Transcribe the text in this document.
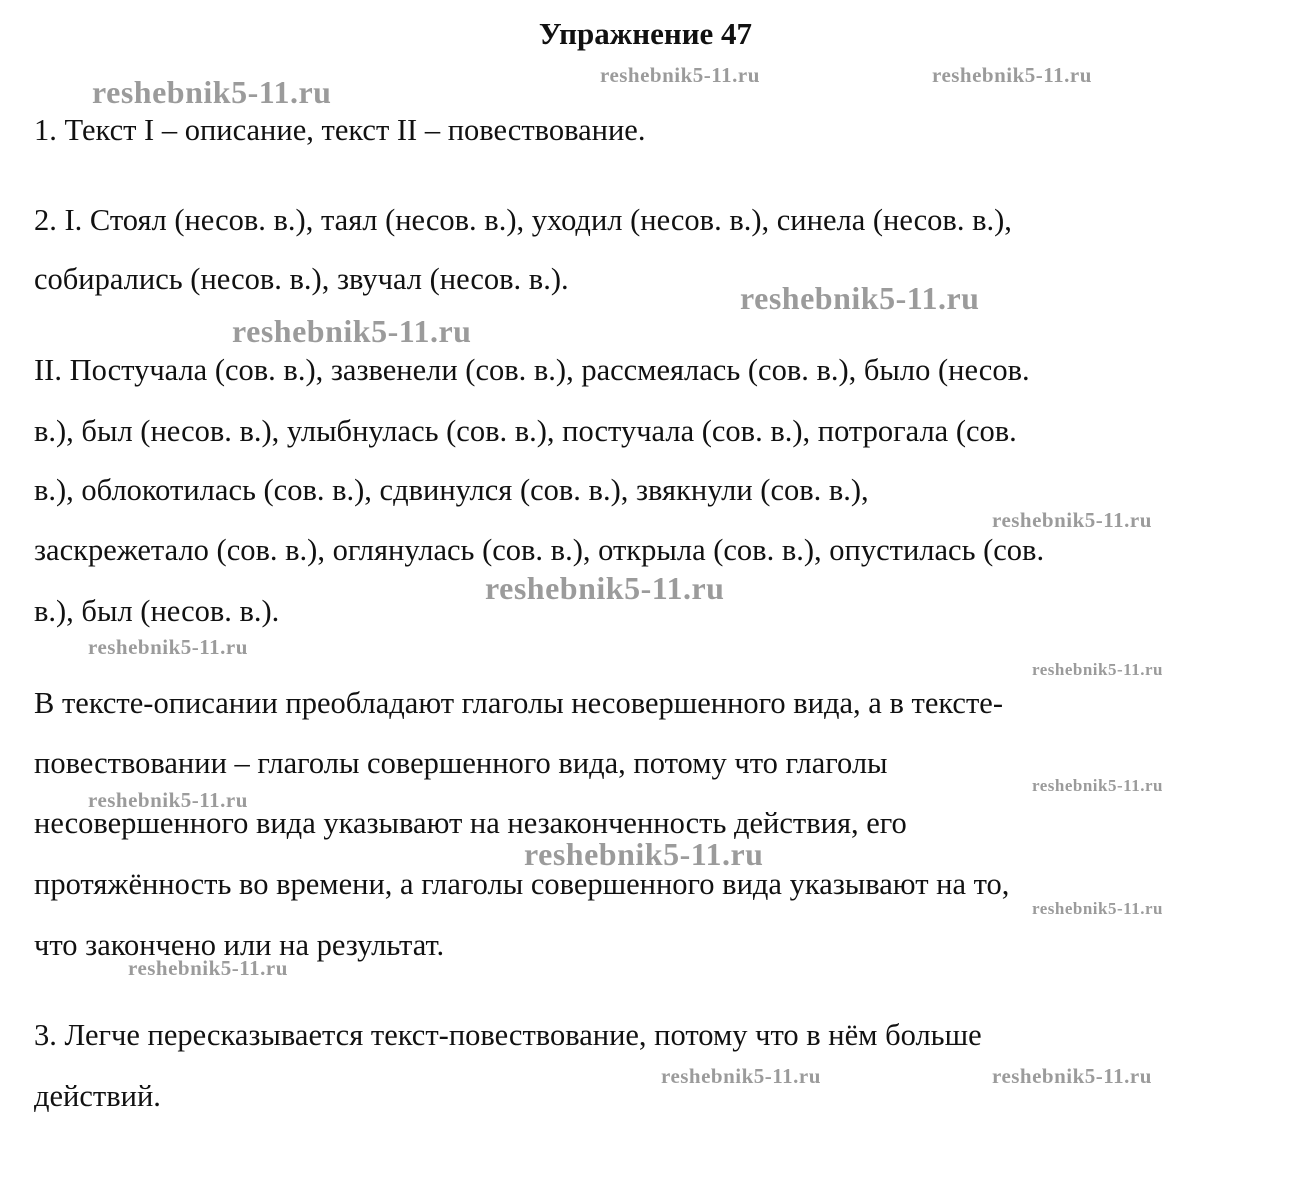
Упражнение 47
1. Текст I – описание, текст II – повествование.
2. I. Стоял (несов. в.), таял (несов. в.), уходил (несов. в.), синела (несов. в.),
собирались (несов. в.), звучал (несов. в.).
II. Постучала (сов. в.), зазвенели (сов. в.), рассмеялась (сов. в.), было (несов.
в.), был (несов. в.), улыбнулась (сов. в.), постучала (сов. в.), потрогала (сов.
в.), облокотилась (сов. в.), сдвинулся (сов. в.), звякнули (сов. в.),
заскрежетало (сов. в.), оглянулась (сов. в.), открыла (сов. в.), опустилась (сов.
в.), был (несов. в.).
В тексте-описании преобладают глаголы несовершенного вида, а в тексте-
повествовании – глаголы совершенного вида, потому что глаголы
несовершенного вида указывают на незаконченность действия, его
протяжённость во времени, а глаголы совершенного вида указывают на то,
что закончено или на результат.
3. Легче пересказывается текст-повествование, потому что в нём больше
действий.
reshebnik5-11.ru	reshebnik5-11.ru	reshebnik5-11.ru
reshebnik5-11.ru
reshebnik5-11.ru
reshebnik5-11.ru
reshebnik5-11.ru
reshebnik5-11.ru
reshebnik5-11.ru
reshebnik5-11.ru
reshebnik5-11.ru
reshebnik5-11.ru
reshebnik5-11.ru
reshebnik5-11.ru
reshebnik5-11.ru	reshebnik5-11.ru
